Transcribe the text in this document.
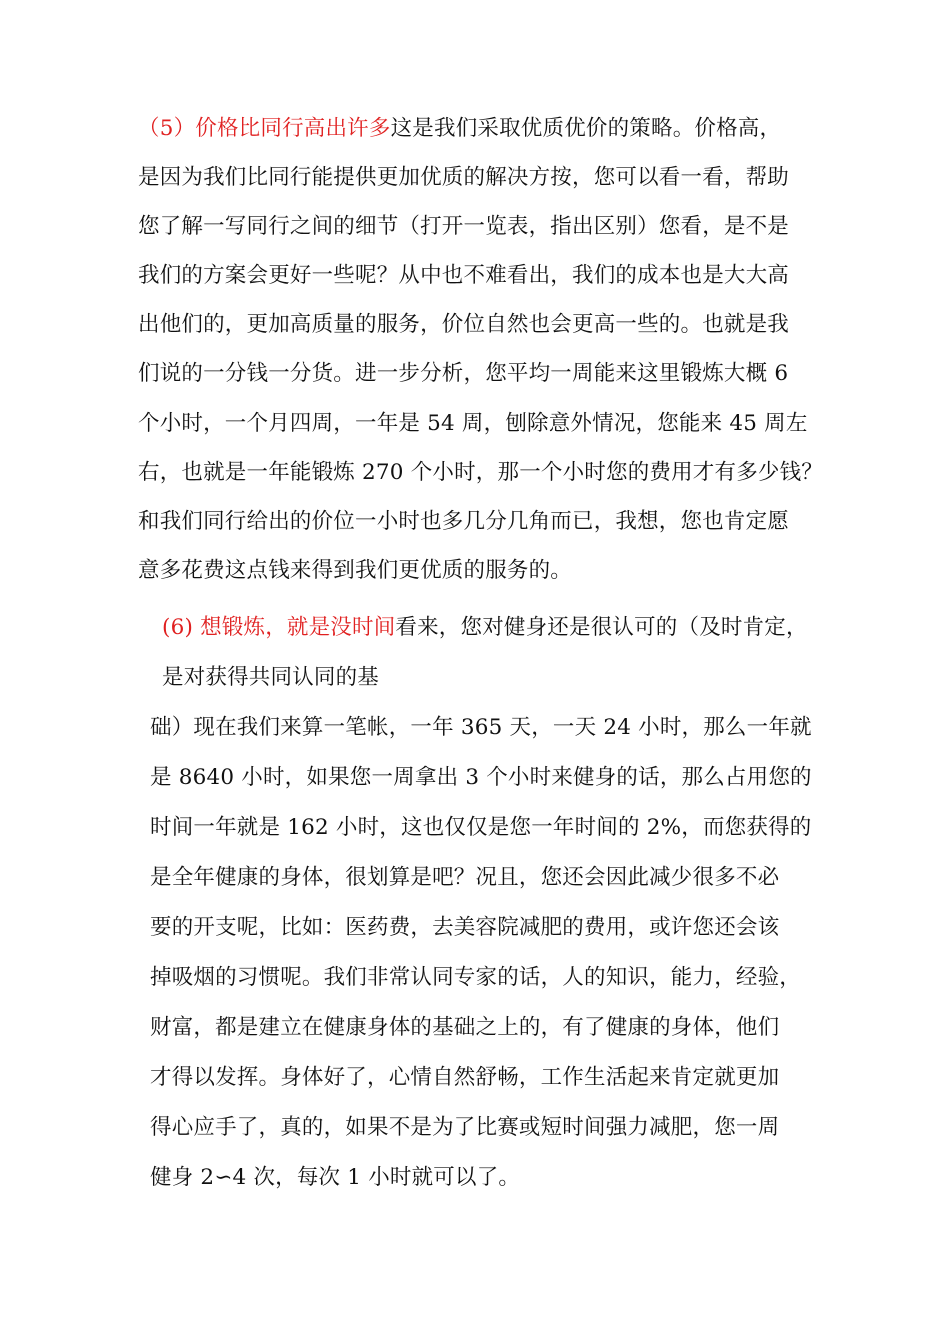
（5）价格比同行高出许多这是我们采取优质优价的策略。价格高，
是因为我们比同行能提供更加优质的解决方按，您可以看一看，帮助
您了解一写同行之间的细节（打开一览表，指出区别）您看，是不是
我们的方案会更好一些呢？从中也不难看出，我们的成本也是大大高
出他们的，更加高质量的服务，价位自然也会更高一些的。也就是我
们说的一分钱一分货。进一步分析，您平均一周能来这里锻炼大概 6
个小时，一个月四周，一年是 54 周，刨除意外情况，您能来 45 周左
右，也就是一年能锻炼 270 个小时，那一个小时您的费用才有多少钱？
和我们同行给出的价位一小时也多几分几角而已，我想，您也肯定愿
意多花费这点钱来得到我们更优质的服务的。
(6) 想锻炼，就是没时间看来，您对健身还是很认可的（及时肯定，
是对获得共同认同的基
础）现在我们来算一笔帐，一年 365 天，一天 24 小时，那么一年就
是 8640 小时，如果您一周拿出 3 个小时来健身的话，那么占用您的
时间一年就是 162 小时，这也仅仅是您一年时间的 2%，而您获得的
是全年健康的身体，很划算是吧？况且，您还会因此减少很多不必
要的开支呢，比如：医药费，去美容院减肥的费用，或许您还会该
掉吸烟的习惯呢。我们非常认同专家的话，人的知识，能力，经验，
财富，都是建立在健康身体的基础之上的，有了健康的身体，他们
才得以发挥。身体好了，心情自然舒畅，工作生活起来肯定就更加
得心应手了，真的，如果不是为了比赛或短时间强力减肥，您一周
健身 2∽4 次，每次 1 小时就可以了。
